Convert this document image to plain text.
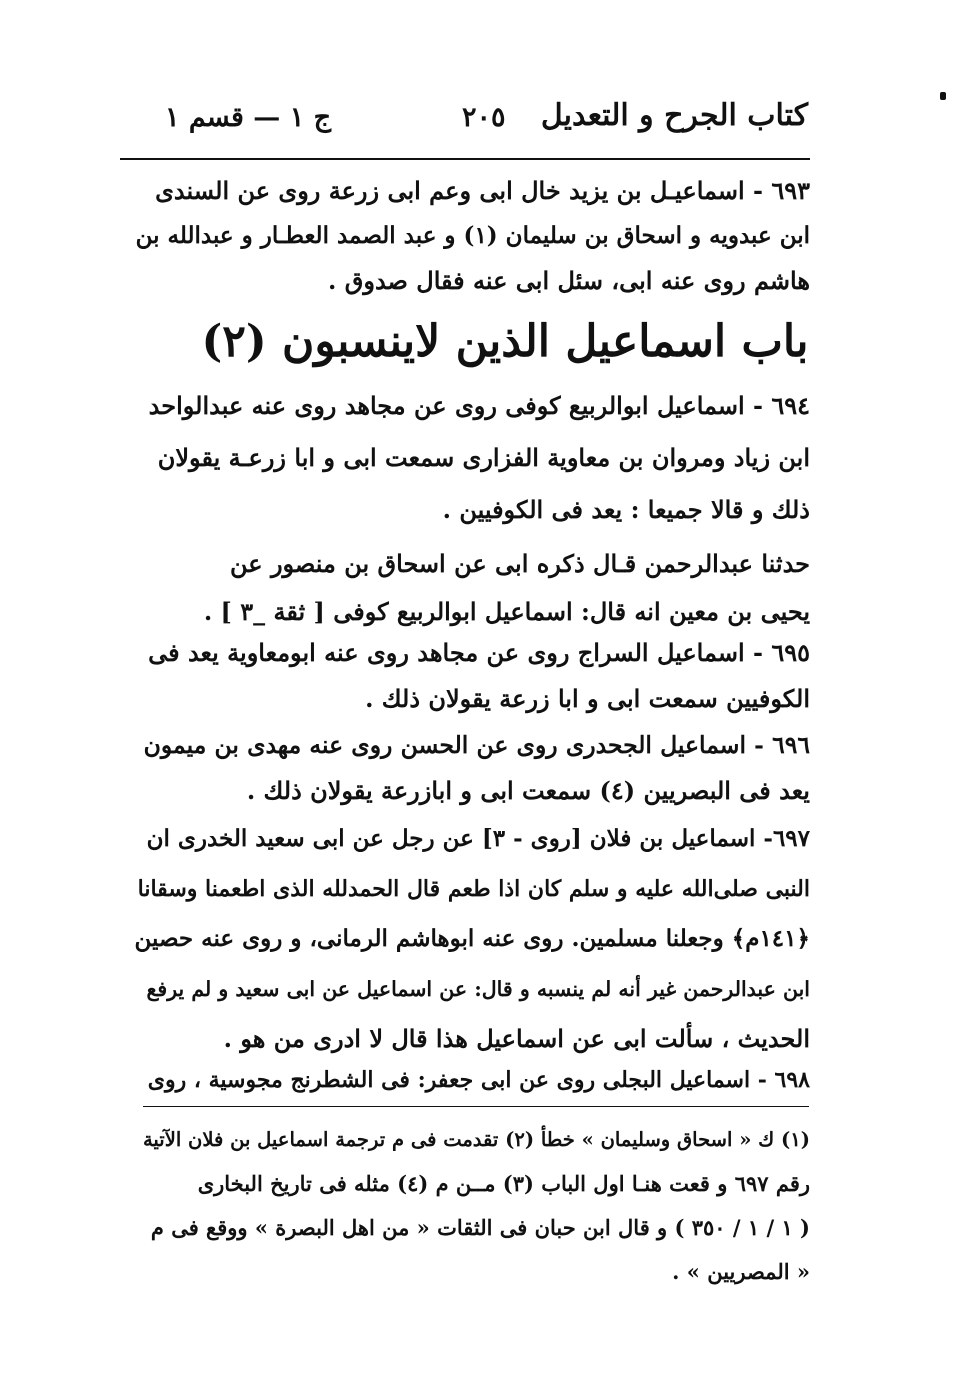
كتاب الجرح و التعديل
٢٠٥
ج ١ — قسم ١

٦٩٣ - اسماعيـل بن يزيد خال ابى وعم ابى زرعة روى عن السندى

ابن عبدويه و اسحاق بن سليمان (١) و عبد الصمد العطـار و عبدالله بن

هاشم روى عنه ابى، سئل ابى عنه فقال صدوق .

باب اسماعيل الذين لاينسبون (٢)

٦٩٤ - اسماعيل ابوالربيع كوفى روى عن مجاهد روى عنه عبدالواحد

ابن زياد ومروان بن معاوية الفزارى سمعت ابى و ابا زرعـة يقولان

ذلك و قالا جميعا : يعد فى الكوفيين .

حدثنا عبدالرحمن قـال ذكره ابى عن اسحاق بن منصور عن

يحيى بن معين انه قال: اسماعيل ابوالربيع كوفى [ ثقة _٣ ] .

٦٩٥ - اسماعيل السراج روى عن مجاهد روى عنه ابومعاوية يعد فى

الكوفيين سمعت ابى و ابا زرعة يقولان ذلك .

٦٩٦ - اسماعيل الجحدرى روى عن الحسن روى عنه مهدى بن ميمون

يعد فى البصريين (٤) سمعت ابى و ابازرعة يقولان ذلك .

٦٩٧- اسماعيل بن فلان [روى - ٣] عن رجل عن ابى سعيد الخدرى ان

النبى صلى‌الله عليه و سلم كان اذا طعم قال الحمدلله الذى اطعمنا وسقانا

﴿١٤١م﴾ وجعلنا مسلمين. روى عنه ابوهاشم الرمانى، و روى عنه حصين

ابن عبدالرحمن غير أنه لم ينسبه و قال: عن اسماعيل عن ابى سعيد و لم يرفع

الحديث ، سألت ابى عن اسماعيل هذا قال لا ادرى من هو .

٦٩٨ - اسماعيل البجلى روى عن ابى جعفر: فى الشطرنج مجوسية ، روى

(١) ك « اسحاق وسليمان » خطأ (٢) تقدمت فى م ترجمة اسماعيل بن فلان الآتية

رقم ٦٩٧ و قعت هنـا اول الباب (٣) مــن م (٤) مثله فى تاريخ البخارى

( ١ / ١ / ٣٥٠ ) و قال ابن حبان فى الثقات « من اهل البصرة » ووقع فى م

« المصريين » .
